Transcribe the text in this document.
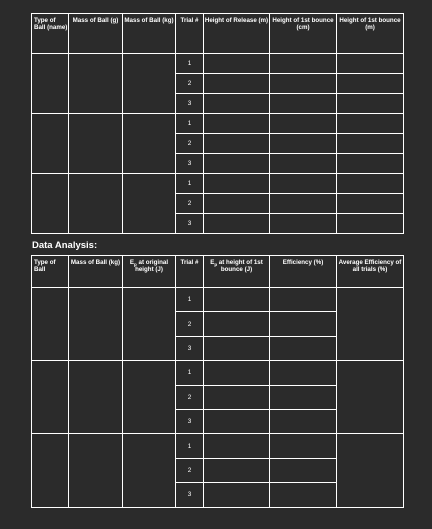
Type of Ball (name)	Mass of Ball (g)	Mass of Ball (kg)	Trial #	Height of Release (m)	Height of 1st bounce (cm)	Height of 1st bounce (m)
			1			
			2			
			3			
			1			
			2			
			3			
			1			
			2			
			3			
Data Analysis:
Type of Ball	Mass of Ball (kg)	$E_p$ at original height (J)	Trial #	$E_p$ at height of 1st bounce (J)	Efficiency (%)	Average Efficiency of all trials (%)
			1			
			2			
			3			
			1			
			2			
			3			
			1			
			2			
			3			
